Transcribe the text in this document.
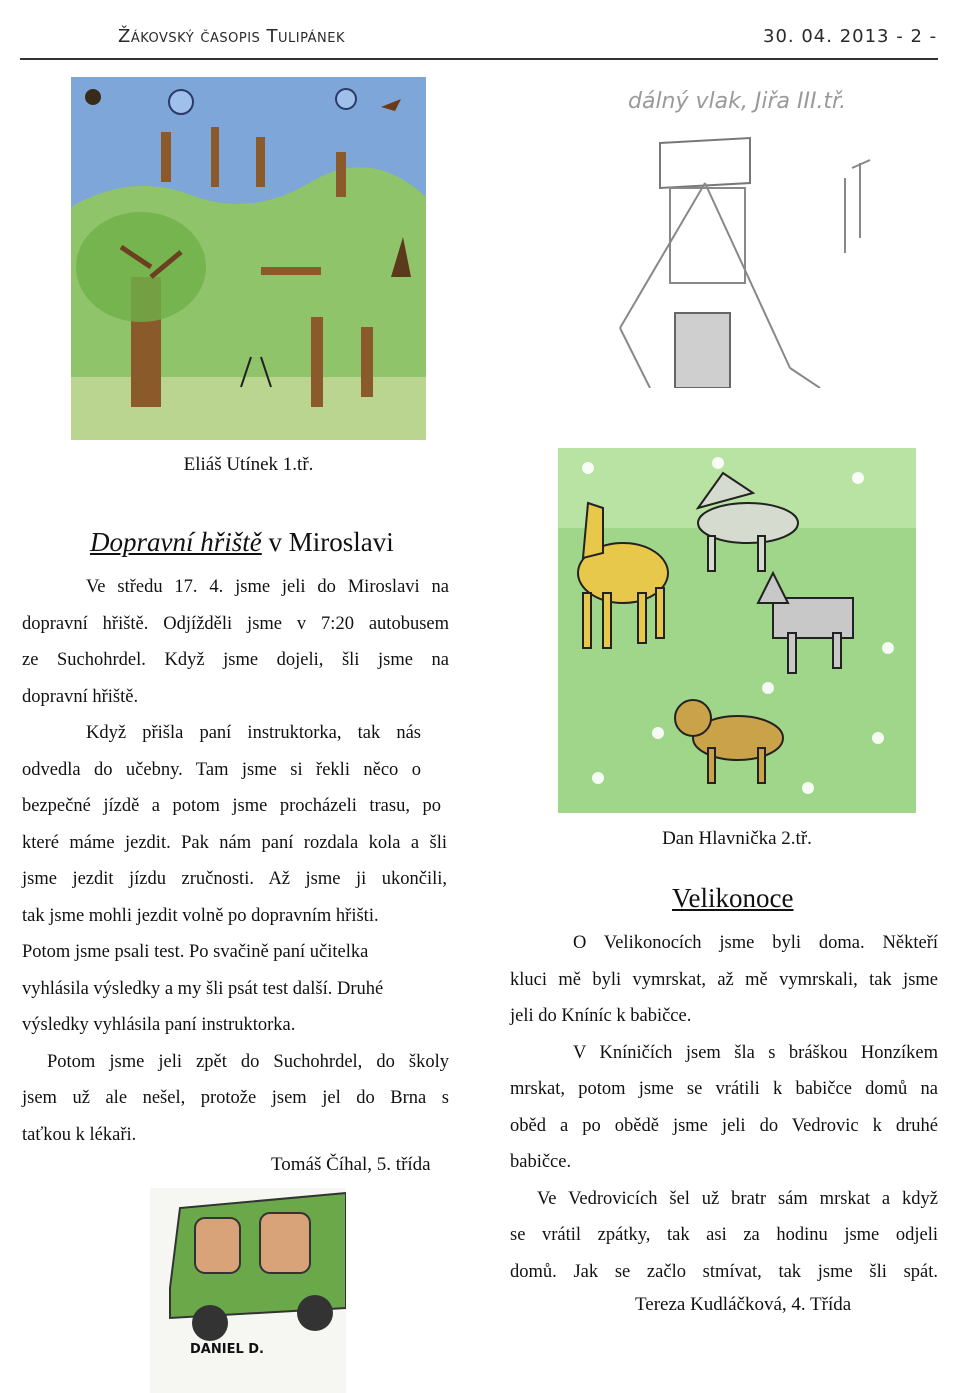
Žákovský časopis Tulipánek	30. 04. 2013 - 2 -
Eliáš Utínek 1.tř.
dálný vlak, Jiřa III.tř.
Dan Hlavnička 2.tř.
DANIEL D.
Dopravní hřiště v Miroslavi

Ve středu 17. 4. jsme jeli do Miroslavi na

dopravní hřiště. Odjížděli jsme v 7:20 autobusem

ze Suchohrdel. Když jsme dojeli, šli jsme na

dopravní hřiště.

Když přišla paní instruktorka, tak nás

odvedla do učebny. Tam jsme si řekli něco o

bezpečné jízdě a potom jsme procházeli trasu, po

které máme jezdit. Pak nám paní rozdala kola a šli

jsme jezdit jízdu zručnosti. Až jsme ji ukončili,

tak jsme mohli jezdit volně po dopravním hřišti.

Potom jsme psali test. Po svačině paní učitelka

vyhlásila výsledky a my šli psát test další. Druhé

výsledky vyhlásila paní instruktorka.

Potom jsme jeli zpět do Suchohrdel, do školy

jsem už ale nešel, protože jsem jel do Brna s

taťkou k lékaři.

Tomáš Číhal, 5. třída
Velikonoce

O Velikonocích jsme byli doma. Někteří

kluci mě byli vymrskat, až mě vymrskali, tak jsme

jeli do Kníníc k babičce.

V Kníničích jsem šla s bráškou Honzíkem

mrskat, potom jsme se vrátili k babičce domů na

oběd a po obědě jsme jeli do Vedrovic k druhé

babičce.

Ve Vedrovicích šel už bratr sám mrskat a když

se vrátil zpátky, tak asi za hodinu jsme odjeli

domů. Jak se začlo stmívat, tak jsme šli spát.

Tereza Kudláčková, 4. Třída
